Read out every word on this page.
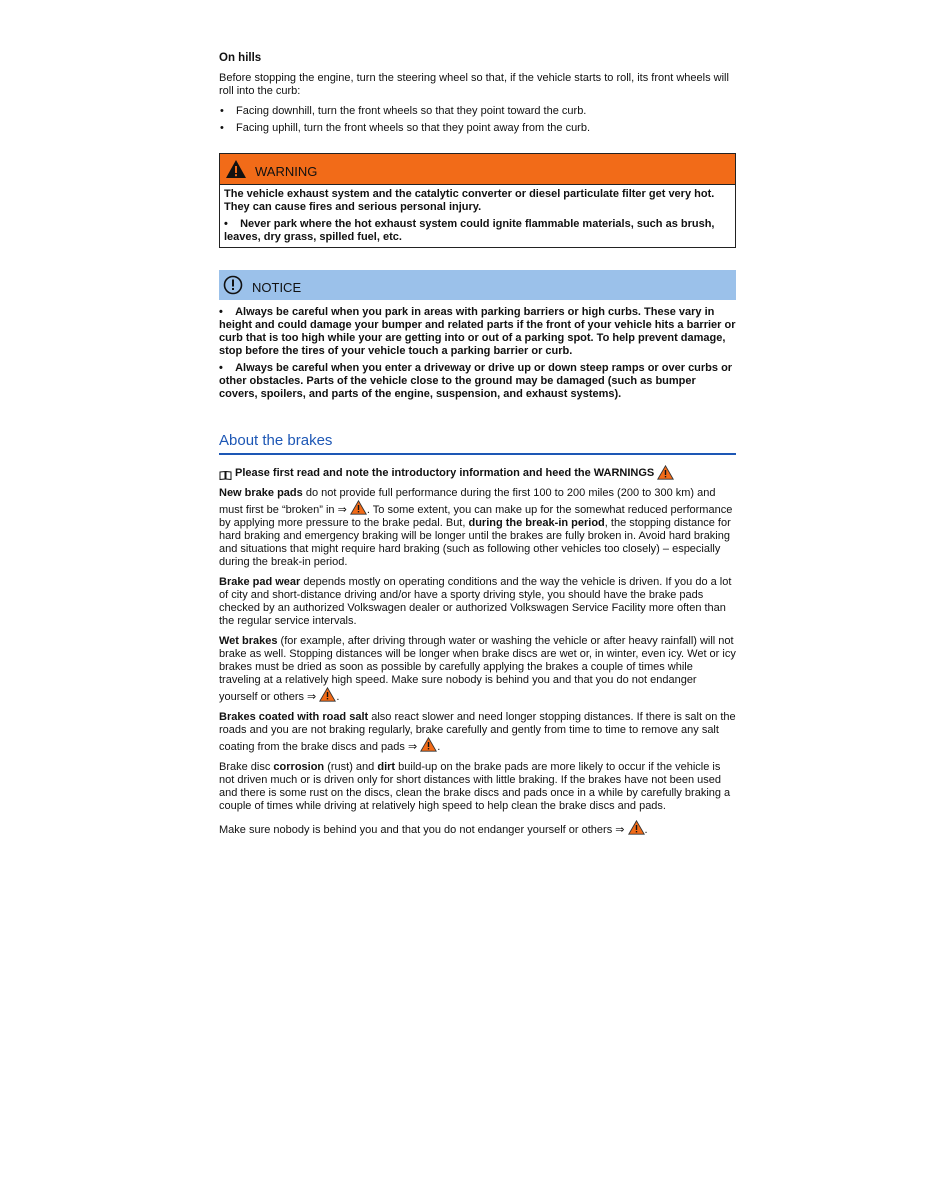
On hills

Before stopping the engine, turn the steering wheel so that, if the vehicle starts to roll, its front wheels will roll into the curb:

• Facing downhill, turn the front wheels so that they point toward the curb.
• Facing uphill, turn the front wheels so that they point away from the curb.
WARNING

The vehicle exhaust system and the catalytic converter or diesel particulate filter get very hot. They can cause fires and serious personal injury.

• Never park where the hot exhaust system could ignite flammable materials, such as brush, leaves, dry grass, spilled fuel, etc.

NOTICE

• Always be careful when you park in areas with parking barriers or high curbs. These vary in height and could damage your bumper and related parts if the front of your vehicle hits a barrier or curb that is too high while your are getting into or out of a parking spot. To help prevent damage, stop before the tires of your vehicle touch a parking barrier or curb.

• Always be careful when you enter a driveway or drive up or down steep ramps or over curbs or other obstacles. Parts of the vehicle close to the ground may be damaged (such as bumper covers, spoilers, and parts of the engine, suspension, and exhaust systems).

About the brakes

Please first read and note the introductory information and heed the WARNINGS

New brake pads do not provide full performance during the first 100 to 200 miles (200 to 300 km) and must first be “broken” in ⇒ . To some extent, you can make up for the somewhat reduced performance by applying more pressure to the brake pedal. But, during the break-in period, the stopping distance for hard braking and emergency braking will be longer until the brakes are fully broken in. Avoid hard braking and situations that might require hard braking (such as following other vehicles too closely) – especially during the break-in period.

Brake pad wear depends mostly on operating conditions and the way the vehicle is driven. If you do a lot of city and short-distance driving and/or have a sporty driving style, you should have the brake pads checked by an authorized Volkswagen dealer or authorized Volkswagen Service Facility more often than the regular service intervals.

Wet brakes (for example, after driving through water or washing the vehicle or after heavy rainfall) will not brake as well. Stopping distances will be longer when brake discs are wet or, in winter, even icy. Wet or icy brakes must be dried as soon as possible by carefully applying the brakes a couple of times while traveling at a relatively high speed. Make sure nobody is behind you and that you do not endanger yourself or others ⇒ .

Brakes coated with road salt also react slower and need longer stopping distances. If there is salt on the roads and you are not braking regularly, brake carefully and gently from time to time to remove any salt coating from the brake discs and pads ⇒ .

Brake disc corrosion (rust) and dirt build-up on the brake pads are more likely to occur if the vehicle is not driven much or is driven only for short distances with little braking. If the brakes have not been used and there is some rust on the discs, clean the brake discs and pads once in a while by carefully braking a couple of times while driving at relatively high speed to help clean the brake discs and pads.

Make sure nobody is behind you and that you do not endanger yourself or others ⇒ .
